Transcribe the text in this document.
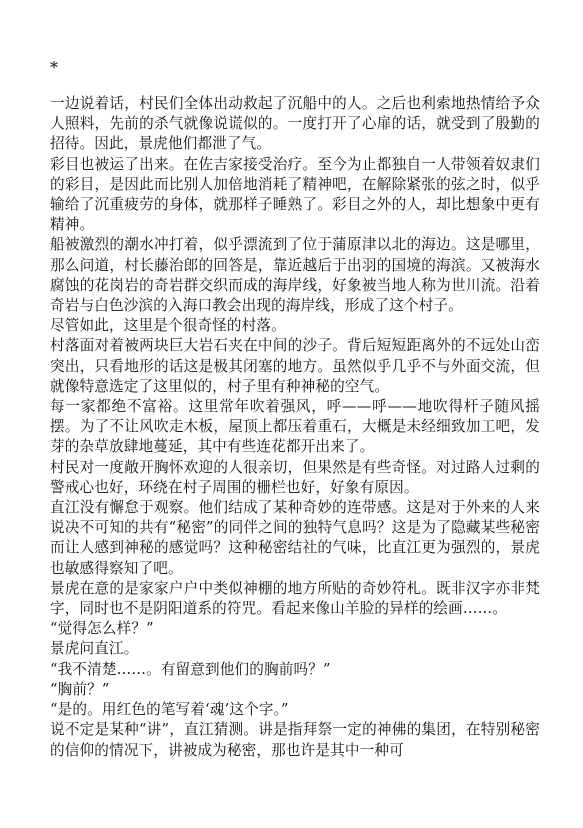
*

一边说着话，村民们全体出动救起了沉船中的人。之后也利索地热情给予众人照料，先前的杀气就像说谎似的。一度打开了心扉的话，就受到了殷勤的招待。因此，景虎他们都泄了气。

彩目也被运了出来。在佐吉家接受治疗。至今为止都独自一人带领着奴隶们的彩目，是因此而比别人加倍地消耗了精神吧，在解除紧张的弦之时，似乎输给了沉重疲劳的身体，就那样子睡熟了。彩目之外的人，却比想象中更有精神。

船被激烈的潮水冲打着，似乎漂流到了位于蒲原津以北的海边。这是哪里，那么问道，村长藤治郎的回答是，靠近越后于出羽的国境的海滨。又被海水腐蚀的花岗岩的奇岩群交织而成的海岸线，好象被当地人称为世川流。沿着奇岩与白色沙滨的入海口教会出现的海岸线，形成了这个村子。

尽管如此，这里是个很奇怪的村落。

村落面对着被两块巨大岩石夹在中间的沙子。背后短短距离外的不远处山峦突出，只看地形的话这是极其闭塞的地方。虽然似乎几乎不与外面交流，但就像特意选定了这里似的，村子里有种神秘的空气。

每一家都绝不富裕。这里常年吹着强风，呼——呼——地吹得杆子随风摇摆。为了不让风吹走木板，屋顶上都压着重石，大概是未经细致加工吧，发芽的杂草放肆地蔓延，其中有些连花都开出来了。

村民对一度敞开胸怀欢迎的人很亲切，但果然是有些奇怪。对过路人过剩的警戒心也好，环绕在村子周围的栅栏也好，好象有原因。

直江没有懈怠于观察。他们结成了某种奇妙的连带感。这是对于外来的人来说决不可知的共有“秘密”的同伴之间的独特气息吗？这是为了隐藏某些秘密而让人感到神秘的感觉吗？这种秘密结社的气味，比直江更为强烈的，景虎也敏感得察知了吧。

景虎在意的是家家户户中类似神棚的地方所贴的奇妙符札。既非汉字亦非梵字，同时也不是阴阳道系的符咒。看起来像山羊脸的异样的绘画……。

“觉得怎么样？”

景虎问直江。

“我不清楚……。有留意到他们的胸前吗？”

“胸前？”

“是的。用红色的笔写着‘魂’这个字。”

说不定是某种“讲”，直江猜测。讲是指拜祭一定的神佛的集团，在特别秘密的信仰的情况下，讲被成为秘密，那也许是其中一种可
